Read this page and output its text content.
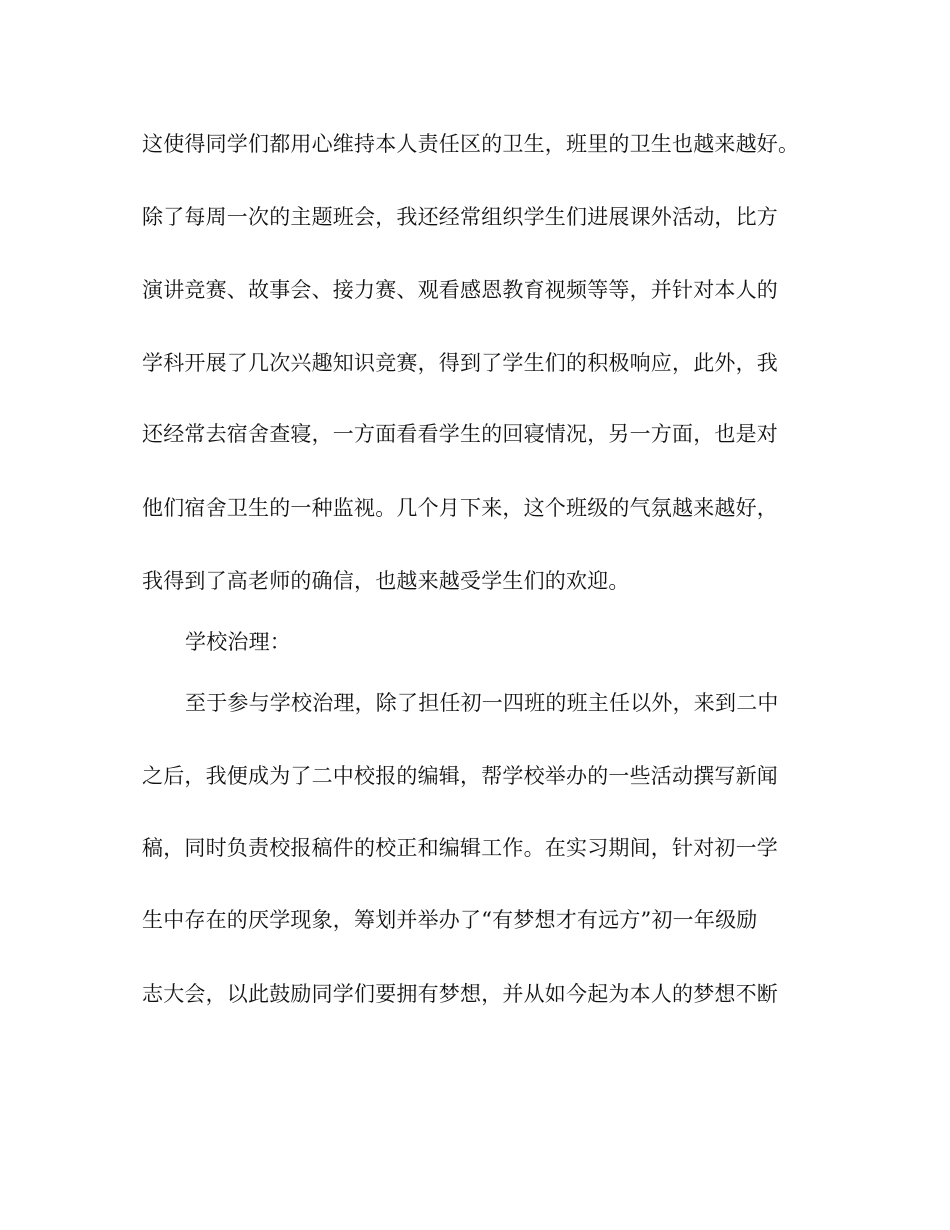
这使得同学们都用心维持本人责任区的卫生，班里的卫生也越来越好。
除了每周一次的主题班会，我还经常组织学生们进展课外活动，比方
演讲竞赛、故事会、接力赛、观看感恩教育视频等等，并针对本人的
学科开展了几次兴趣知识竞赛，得到了学生们的积极响应，此外，我
还经常去宿舍查寝，一方面看看学生的回寝情况，另一方面，也是对
他们宿舍卫生的一种监视。几个月下来，这个班级的气氛越来越好，
我得到了高老师的确信，也越来越受学生们的欢迎。
学校治理：
至于参与学校治理，除了担任初一四班的班主任以外，来到二中
之后，我便成为了二中校报的编辑，帮学校举办的一些活动撰写新闻
稿，同时负责校报稿件的校正和编辑工作。在实习期间，针对初一学
生中存在的厌学现象，筹划并举办了“有梦想才有远方”初一年级励
志大会，以此鼓励同学们要拥有梦想，并从如今起为本人的梦想不断
